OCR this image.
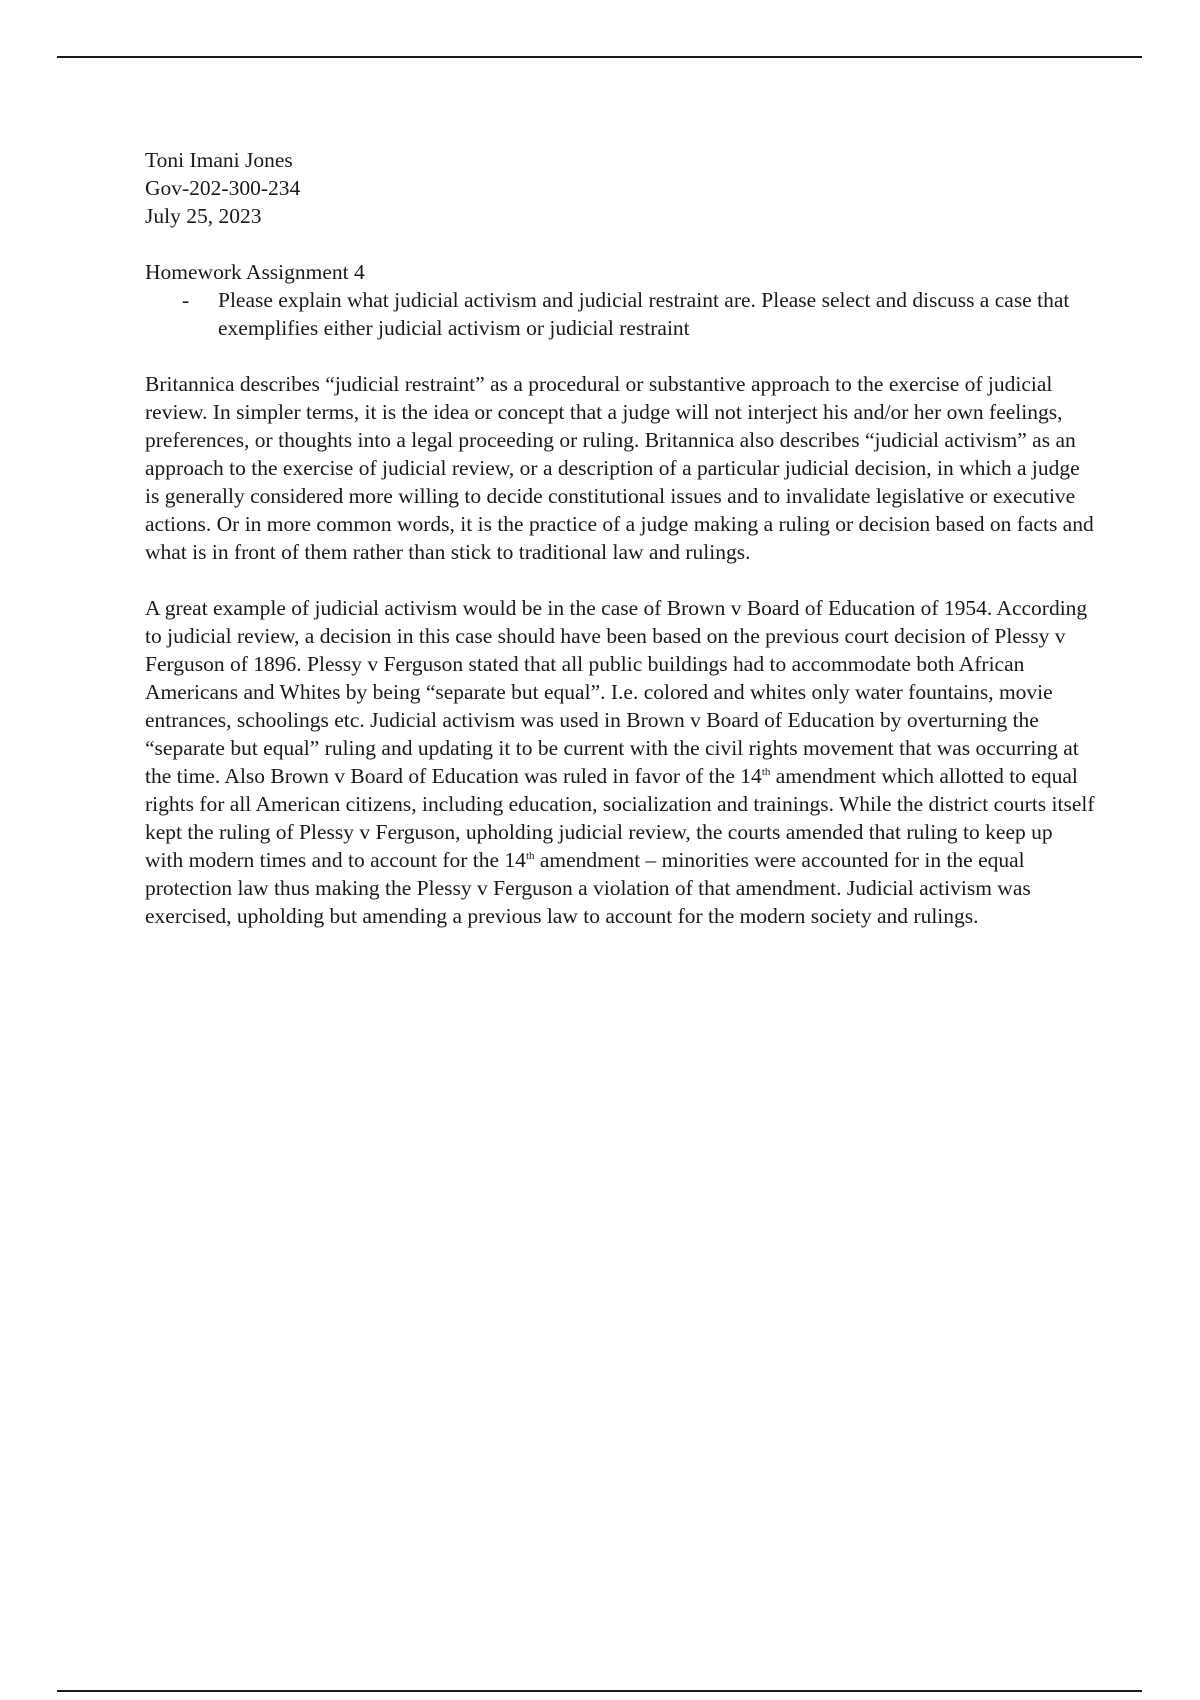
Toni Imani Jones
Gov-202-300-234
July 25, 2023
Homework Assignment 4
-	Please explain what judicial activism and judicial restraint are. Please select and discuss a case that exemplifies either judicial activism or judicial restraint

Britannica describes “judicial restraint” as a procedural or substantive approach to the exercise of judicial review. In simpler terms, it is the idea or concept that a judge will not interject his and/or her own feelings, preferences, or thoughts into a legal proceeding or ruling. Britannica also describes “judicial activism” as an approach to the exercise of judicial review, or a description of a particular judicial decision, in which a judge is generally considered more willing to decide constitutional issues and to invalidate legislative or executive actions. Or in more common words, it is the practice of a judge making a ruling or decision based on facts and what is in front of them rather than stick to traditional law and rulings.

A great example of judicial activism would be in the case of Brown v Board of Education of 1954. According to judicial review, a decision in this case should have been based on the previous court decision of Plessy v Ferguson of 1896. Plessy v Ferguson stated that all public buildings had to accommodate both African Americans and Whites by being “separate but equal”. I.e. colored and whites only water fountains, movie entrances, schoolings etc. Judicial activism was used in Brown v Board of Education by overturning the “separate but equal” ruling and updating it to be current with the civil rights movement that was occurring at the time. Also Brown v Board of Education was ruled in favor of the 14th amendment which allotted to equal rights for all American citizens, including education, socialization and trainings. While the district courts itself kept the ruling of Plessy v Ferguson, upholding judicial review, the courts amended that ruling to keep up with modern times and to account for the 14th amendment – minorities were accounted for in the equal protection law thus making the Plessy v Ferguson a violation of that amendment. Judicial activism was exercised, upholding but amending a previous law to account for the modern society and rulings.
